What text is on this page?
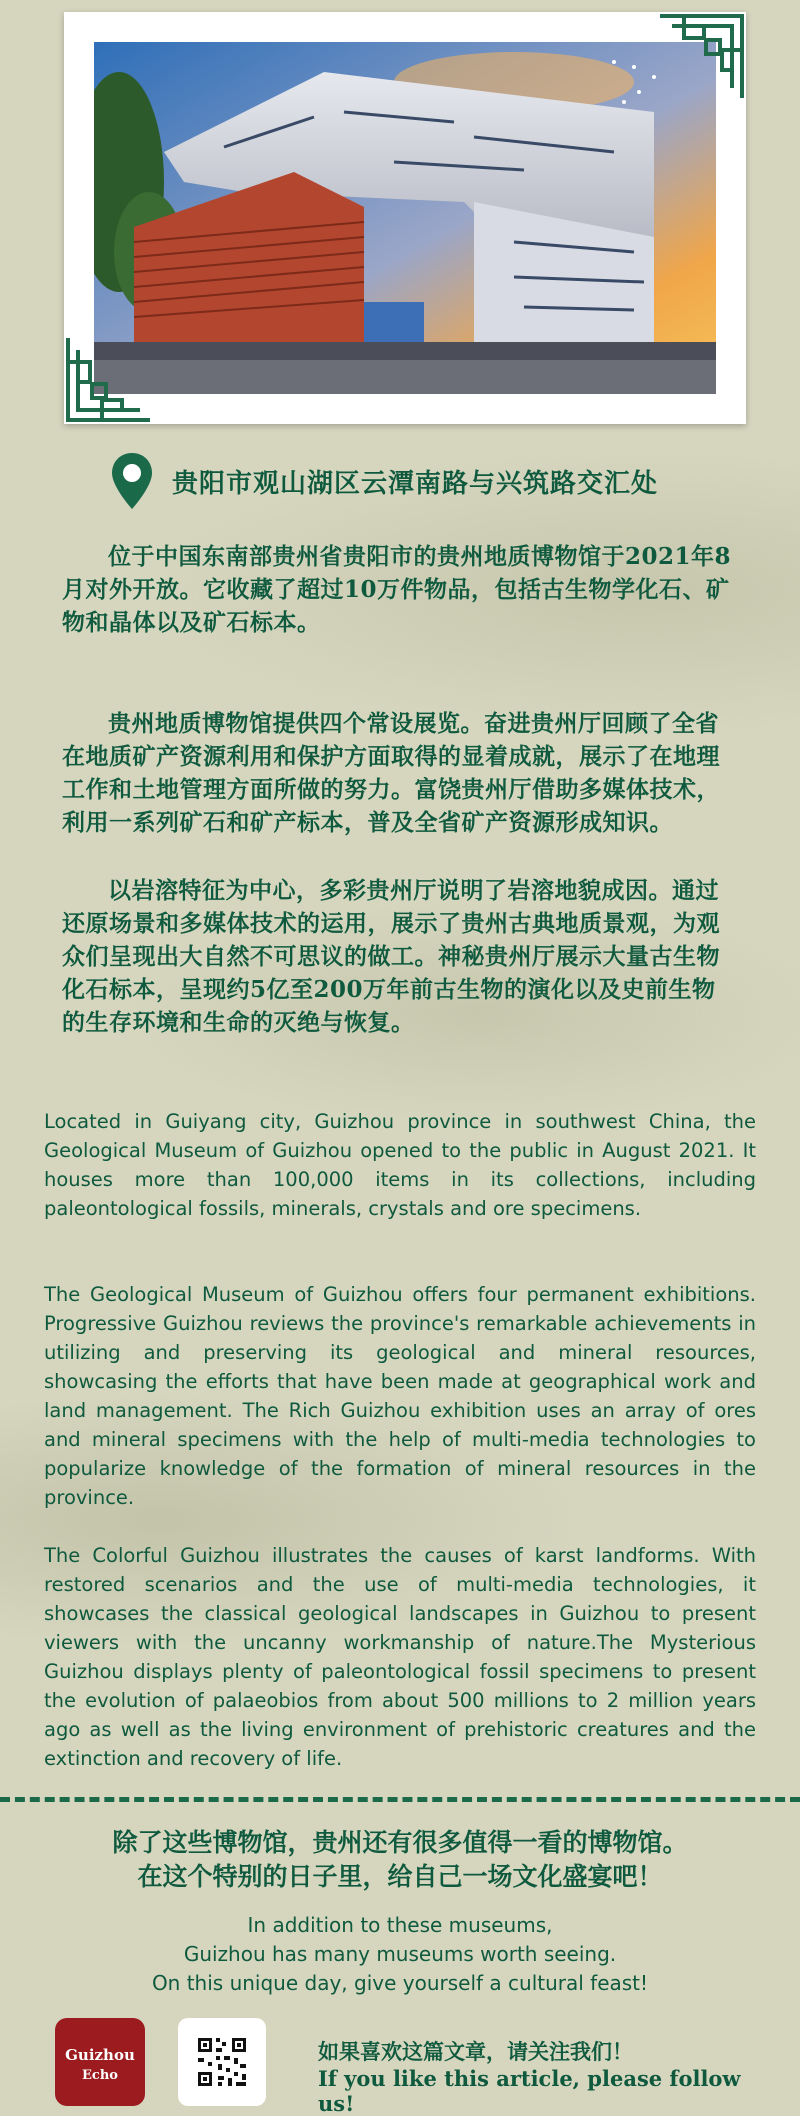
贵阳市观山湖区云潭南路与兴筑路交汇处

位于中国东南部贵州省贵阳市的贵州地质博物馆于2021年8月对外开放。它收藏了超过10万件物品，包括古生物学化石、矿物和晶体以及矿石标本。

贵州地质博物馆提供四个常设展览。奋进贵州厅回顾了全省在地质矿产资源利用和保护方面取得的显着成就，展示了在地理工作和土地管理方面所做的努力。富饶贵州厅借助多媒体技术，利用一系列矿石和矿产标本，普及全省矿产资源形成知识。

以岩溶特征为中心，多彩贵州厅说明了岩溶地貌成因。通过还原场景和多媒体技术的运用，展示了贵州古典地质景观，为观众们呈现出大自然不可思议的做工。神秘贵州厅展示大量古生物化石标本，呈现约5亿至200万年前古生物的演化以及史前生物的生存环境和生命的灭绝与恢复。

Located in Guiyang city, Guizhou province in southwest China, the Geological Museum of Guizhou opened to the public in August 2021. It houses more than 100,000 items in its collections, including paleontological fossils, minerals, crystals and ore specimens.

The Geological Museum of Guizhou offers four permanent exhibitions. Progressive Guizhou reviews the province's remarkable achievements in utilizing and preserving its geological and mineral resources, showcasing the efforts that have been made at geographical work and land management. The Rich Guizhou exhibition uses an array of ores and mineral specimens with the help of multi-media technologies to popularize knowledge of the formation of mineral resources in the province.

The Colorful Guizhou illustrates the causes of karst landforms. With restored scenarios and the use of multi-media technologies, it showcases the classical geological landscapes in Guizhou to present viewers with the uncanny workmanship of nature.The Mysterious Guizhou displays plenty of paleontological fossil specimens to present the evolution of palaeobios from about 500 millions to 2 million years ago as well as the living environment of prehistoric creatures and the extinction and recovery of life.

除了这些博物馆，贵州还有很多值得一看的博物馆。
在这个特别的日子里，给自己一场文化盛宴吧！
In addition to these museums,
Guizhou has many museums worth seeing.
On this unique day, give yourself a cultural feast!
Guizhou
Echo
如果喜欢这篇文章，请关注我们！
If you like this article, please follow us!
